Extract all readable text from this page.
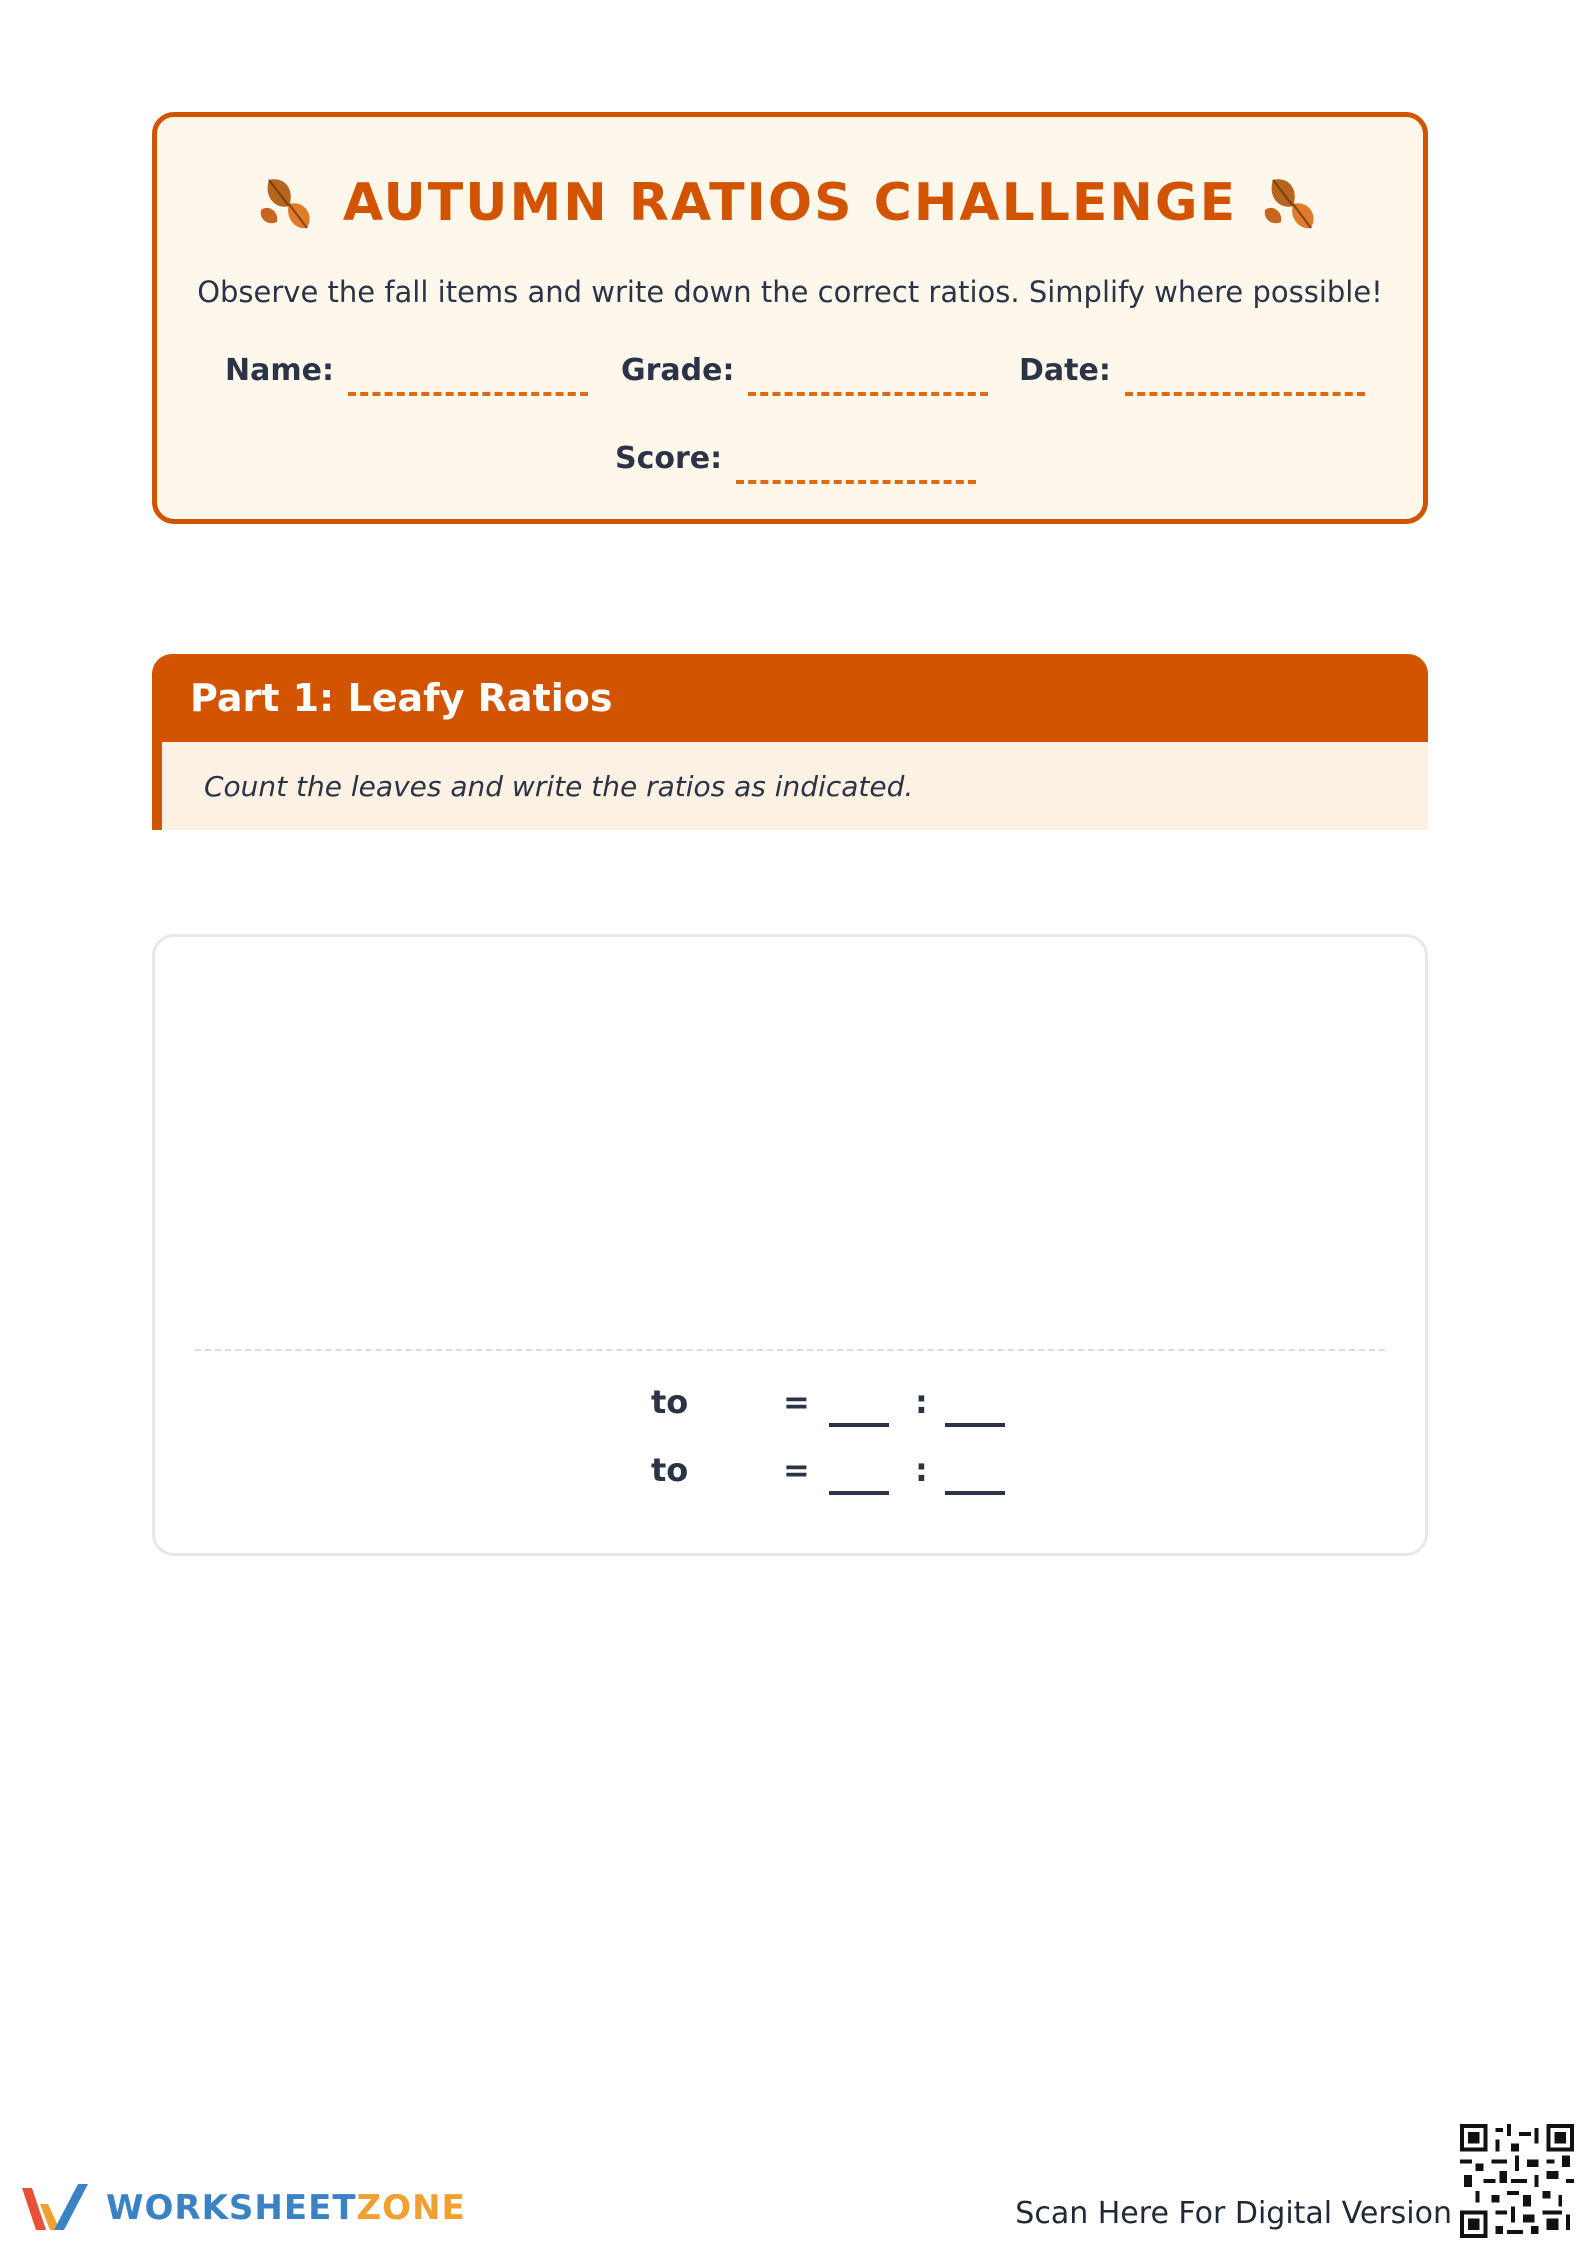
AUTUMN RATIOS CHALLENGE
Observe the fall items and write down the correct ratios. Simplify where possible!
Name:	Grade:	Date:
Score:
Part 1: Leafy Ratios
Count the leaves and write the ratios as indicated.
to	=	:
to	=	:
WORKSHEETZONE	Scan Here For Digital Version
